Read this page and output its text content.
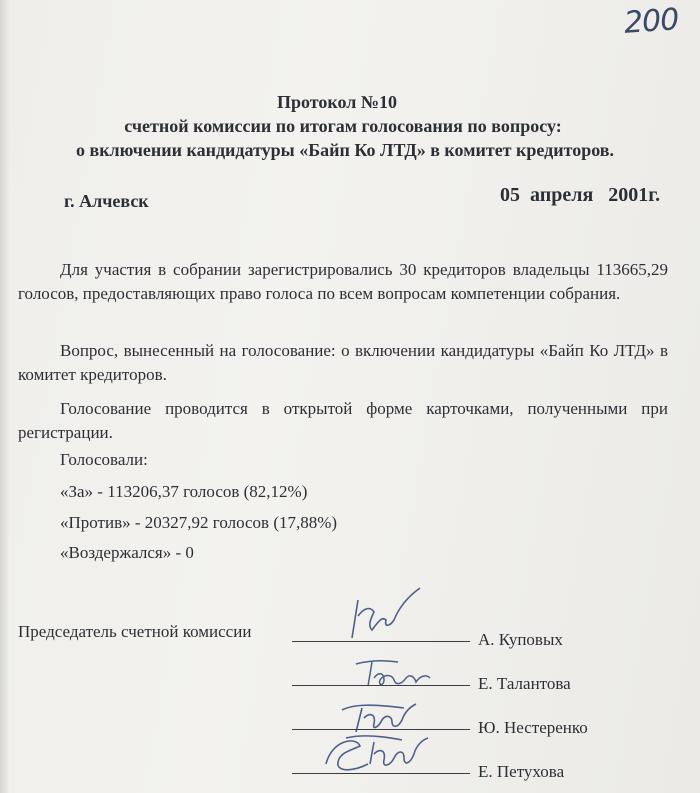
200
Протокол №10
счетной комиссии по итогам голосования по вопросу:
о включении кандидатуры «Байп Ко ЛТД» в комитет кредиторов.
г. Алчевск	05  апреля   2001г.
Для участия в собрании зарегистрировались 30 кредиторов владельцы 113665,29 голосов, предоставляющих право голоса по всем вопросам компетенции собрания.
Вопрос, вынесенный на голосование: о включении кандидатуры «Байп Ко ЛТД» в комитет кредиторов.
Голосование проводится в открытой форме карточками, полученными при регистрации.
Голосовали:
«За» - 113206,37 голосов (82,12%)
«Против» - 20327,92 голосов (17,88%)
«Воздержался» - 0
Председатель счетной комиссии	А. Куповых
Е. Талантова
Ю. Нестеренко
Е. Петухова
